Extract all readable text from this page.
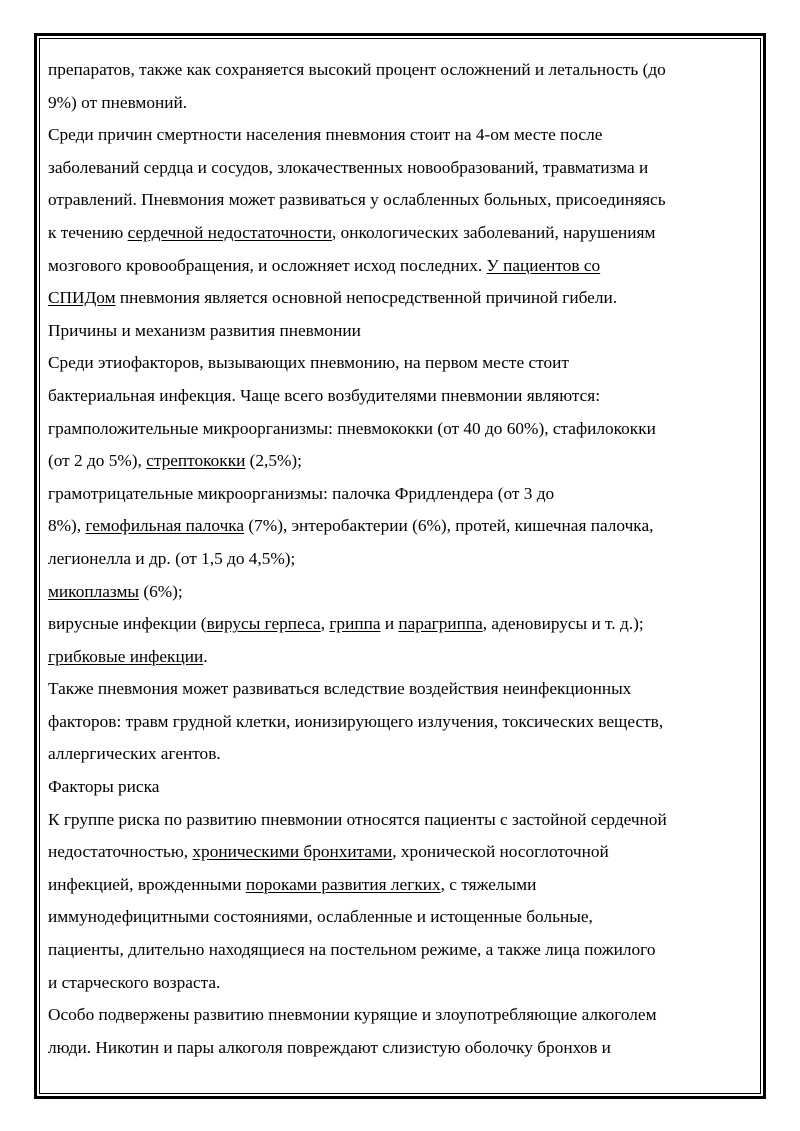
препаратов, также как сохраняется высокий процент осложнений и летальность (до
9%) от пневмоний.
Среди причин смертности населения пневмония стоит на 4-ом месте после
заболеваний сердца и сосудов, злокачественных новообразований, травматизма и
отравлений. Пневмония может развиваться у ослабленных больных, присоединяясь
к течению сердечной недостаточности, онкологических заболеваний, нарушениям
мозгового кровообращения, и осложняет исход последних. У пациентов со
СПИДом пневмония является основной непосредственной причиной гибели.
Причины и механизм развития пневмонии
Среди этиофакторов, вызывающих пневмонию, на первом месте стоит
бактериальная инфекция. Чаще всего возбудителями пневмонии являются:
грамположительные микроорганизмы: пневмококки (от 40 до 60%), стафилококки
(от 2 до 5%), стрептококки (2,5%);
грамотрицательные микроорганизмы: палочка Фридлендера (от 3 до
8%), гемофильная палочка (7%), энтеробактерии (6%), протей, кишечная палочка,
легионелла и др. (от 1,5 до 4,5%);
микоплазмы (6%);
вирусные инфекции (вирусы герпеса, гриппа и парагриппа, аденовирусы и т. д.);
грибковые инфекции.
Также пневмония может развиваться вследствие воздействия неинфекционных
факторов: травм грудной клетки, ионизирующего излучения, токсических веществ,
аллергических агентов.
Факторы риска
К группе риска по развитию пневмонии относятся пациенты с застойной сердечной
недостаточностью, хроническими бронхитами, хронической носоглоточной
инфекцией, врожденными пороками развития легких, с тяжелыми
иммунодефицитными состояниями, ослабленные и истощенные больные,
пациенты, длительно находящиеся на постельном режиме, а также лица пожилого
и старческого возраста.
Особо подвержены развитию пневмонии курящие и злоупотребляющие алкоголем
люди. Никотин и пары алкоголя повреждают слизистую оболочку бронхов и
